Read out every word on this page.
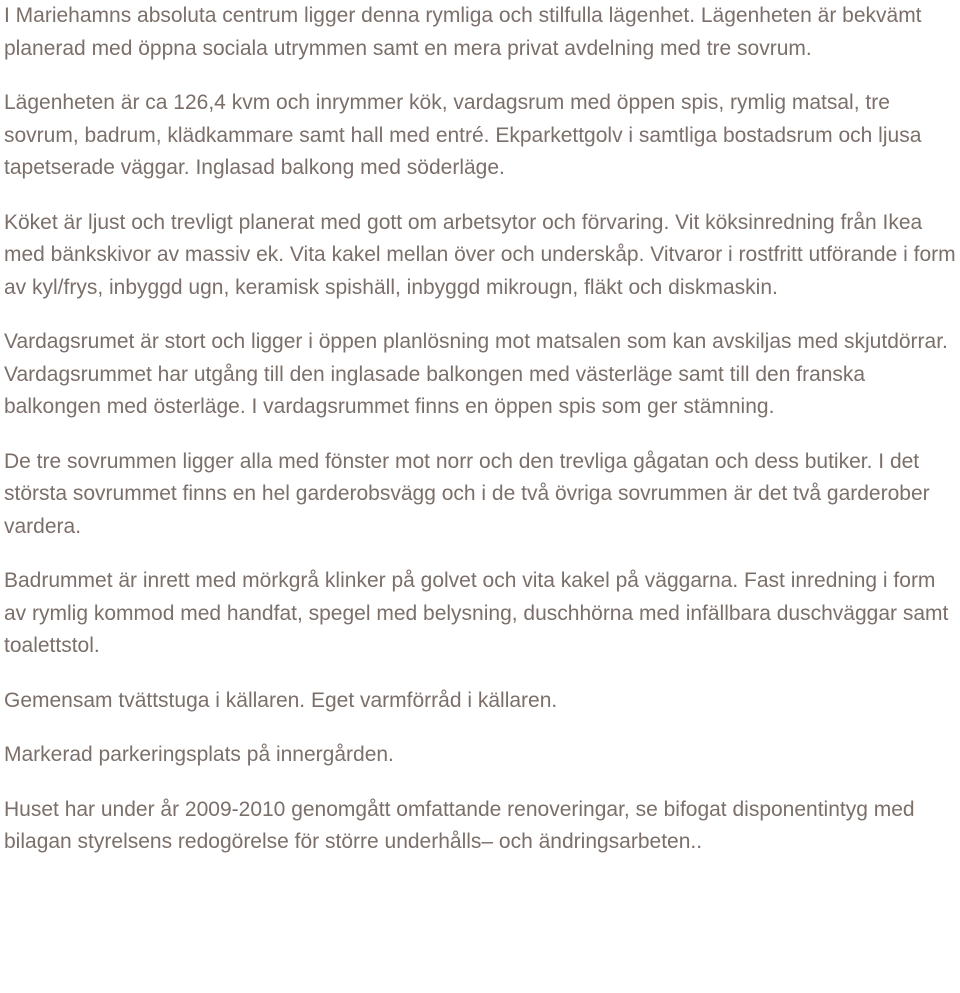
I Mariehamns absoluta centrum ligger denna rymliga och stilfulla lägenhet. Lägenheten är bekvämt planerad med öppna sociala utrymmen samt en mera privat avdelning med tre sovrum.

Lägenheten är ca 126,4 kvm och inrymmer kök, vardagsrum med öppen spis, rymlig matsal, tre sovrum, badrum, klädkammare samt hall med entré. Ekparkettgolv i samtliga bostadsrum och ljusa tapetserade väggar. Inglasad balkong med söderläge.

Köket är ljust och trevligt planerat med gott om arbetsytor och förvaring. Vit köksinredning från Ikea med bänkskivor av massiv ek. Vita kakel mellan över och underskåp. Vitvaror i rostfritt utförande i form av kyl/frys, inbyggd ugn, keramisk spishäll, inbyggd mikrougn, fläkt och diskmaskin.

Vardagsrumet är stort och ligger i öppen planlösning mot matsalen som kan avskiljas med skjutdörrar. Vardagsrummet har utgång till den inglasade balkongen med västerläge samt till den franska balkongen med österläge. I vardagsrummet finns en öppen spis som ger stämning.

De tre sovrummen ligger alla med fönster mot norr och den trevliga gågatan och dess butiker. I det största sovrummet finns en hel garderobsvägg och i de två övriga sovrummen är det två garderober vardera.

Badrummet är inrett med mörkgrå klinker på golvet och vita kakel på väggarna. Fast inredning i form av rymlig kommod med handfat, spegel med belysning, duschhörna med infällbara duschväggar samt toalettstol.

Gemensam tvättstuga i källaren. Eget varmförråd i källaren.

Markerad parkeringsplats på innergården.

Huset har under år 2009-2010 genomgått omfattande renoveringar, se bifogat disponentintyg med bilagan styrelsens redogörelse för större underhålls– och ändringsarbeten..
